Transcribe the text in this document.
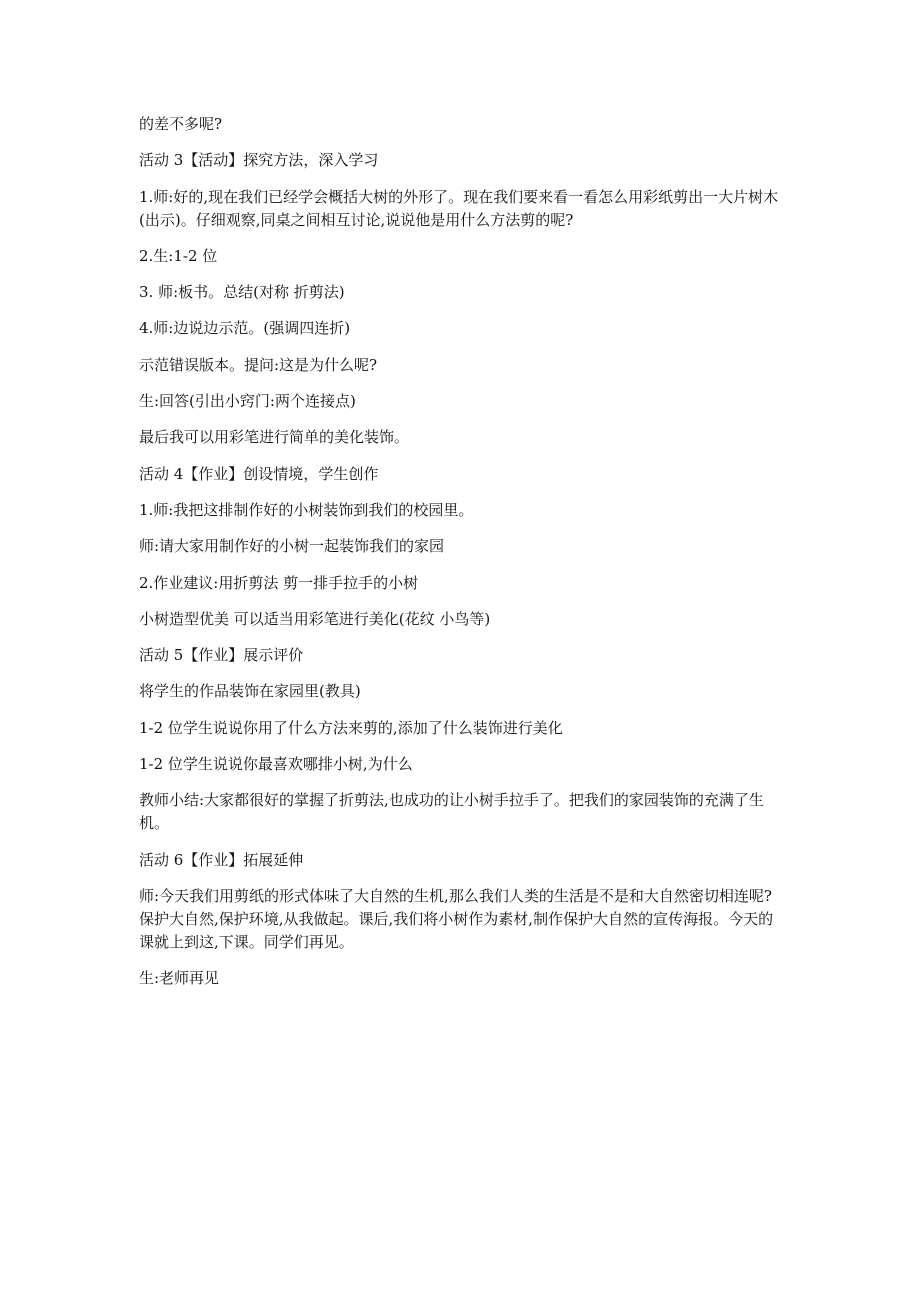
的差不多呢?

活动 3【活动】探究方法，深入学习

1.师:好的,现在我们已经学会概括大树的外形了。现在我们要来看一看怎么用彩纸剪出一大片树木(出示)。仔细观察,同桌之间相互讨论,说说他是用什么方法剪的呢?

2.生:1-2 位

3. 师:板书。总结(对称 折剪法)

4.师:边说边示范。(强调四连折)

示范错误版本。提问:这是为什么呢?

生:回答(引出小窍门:两个连接点)

最后我可以用彩笔进行简单的美化装饰。

活动 4【作业】创设情境，学生创作

1.师:我把这排制作好的小树装饰到我们的校园里。

师:请大家用制作好的小树一起装饰我们的家园

2.作业建议:用折剪法 剪一排手拉手的小树

小树造型优美 可以适当用彩笔进行美化(花纹 小鸟等)

活动 5【作业】展示评价

将学生的作品装饰在家园里(教具)

1-2 位学生说说你用了什么方法来剪的,添加了什么装饰进行美化

1-2 位学生说说你最喜欢哪排小树,为什么

教师小结:大家都很好的掌握了折剪法,也成功的让小树手拉手了。把我们的家园装饰的充满了生机。

活动 6【作业】拓展延伸

师:今天我们用剪纸的形式体味了大自然的生机,那么我们人类的生活是不是和大自然密切相连呢?保护大自然,保护环境,从我做起。课后,我们将小树作为素材,制作保护大自然的宣传海报。今天的课就上到这,下课。同学们再见。

生:老师再见
